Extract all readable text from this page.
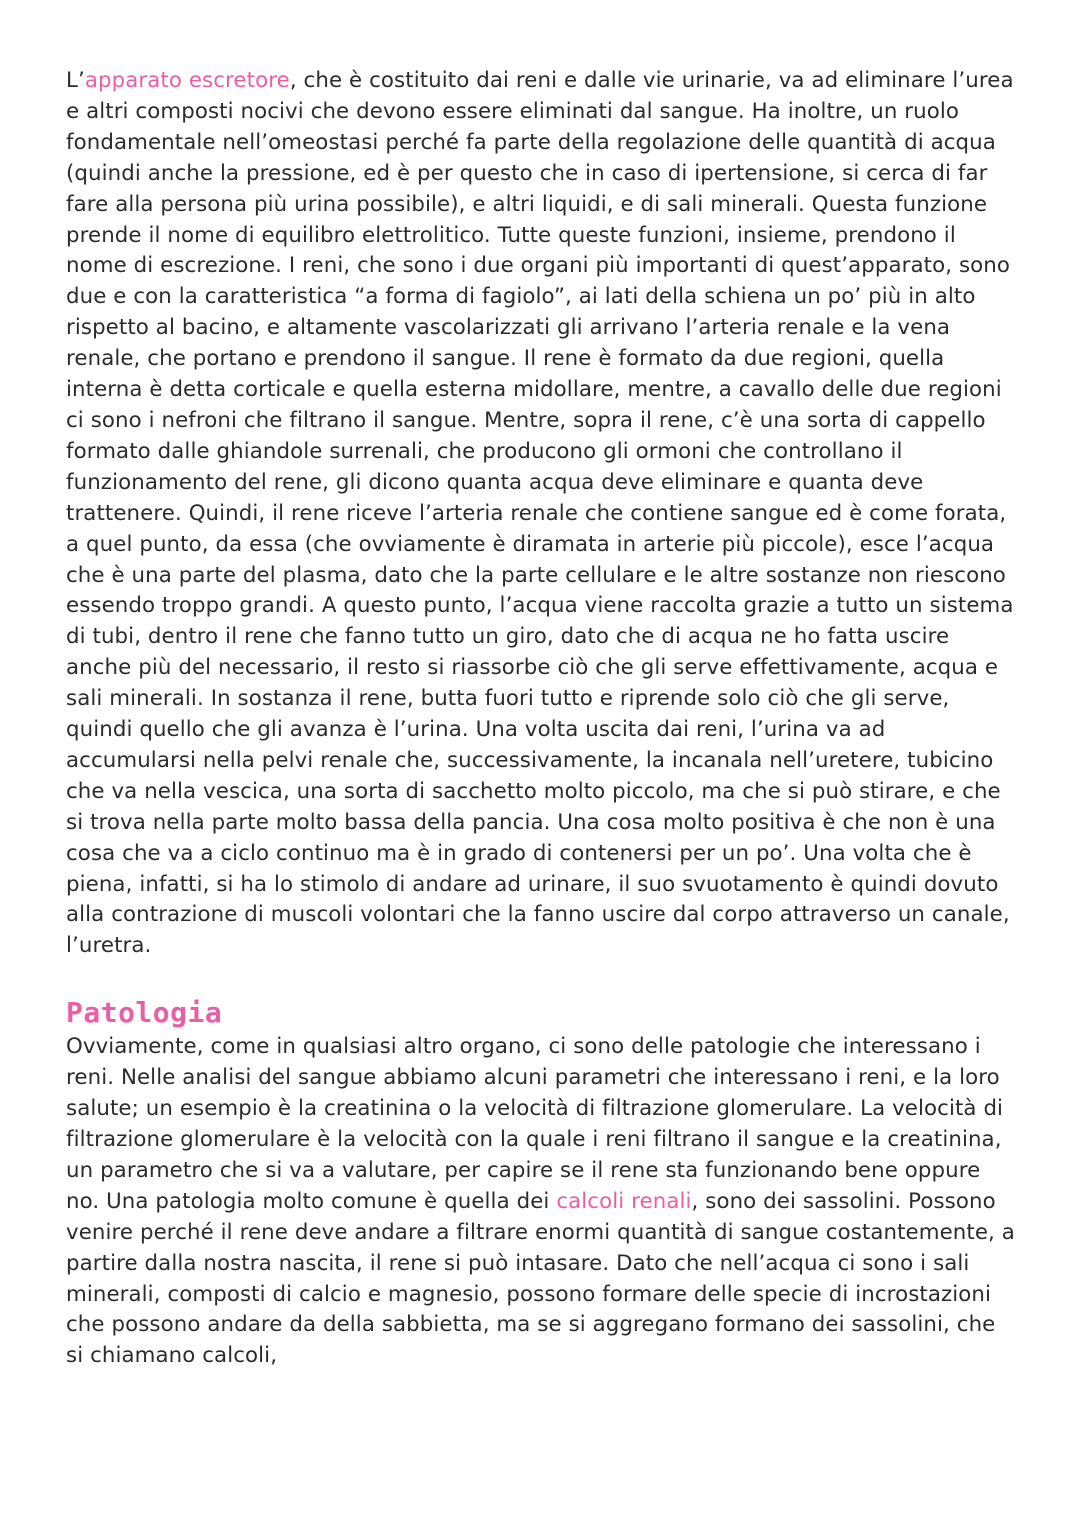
L’apparato escretore, che è costituito dai reni e dalle vie urinarie, va ad eliminare l’urea e altri composti nocivi che devono essere eliminati dal sangue. Ha inoltre, un ruolo fondamentale nell’omeostasi perché fa parte della regolazione delle quantità di acqua (quindi anche la pressione, ed è per questo che in caso di ipertensione, si cerca di far fare alla persona più urina possibile), e altri liquidi, e di sali minerali. Questa funzione prende il nome di equilibro elettrolitico. Tutte queste funzioni, insieme, prendono il nome di escrezione. I reni, che sono i due organi più importanti di quest’apparato, sono due e con la caratteristica “a forma di fagiolo”, ai lati della schiena un po’ più in alto rispetto al bacino, e altamente vascolarizzati gli arrivano l’arteria renale e la vena renale, che portano e prendono il sangue. Il rene è formato da due regioni, quella interna è detta corticale e quella esterna midollare, mentre, a cavallo delle due regioni ci sono i nefroni che filtrano il sangue. Mentre, sopra il rene, c’è una sorta di cappello formato dalle ghiandole surrenali, che producono gli ormoni che controllano il funzionamento del rene, gli dicono quanta acqua deve eliminare e quanta deve trattenere. Quindi, il rene riceve l’arteria renale che contiene sangue ed è come forata, a quel punto, da essa (che ovviamente è diramata in arterie più piccole), esce l’acqua che è una parte del plasma, dato che la parte cellulare e le altre sostanze non riescono essendo troppo grandi. A questo punto, l’acqua viene raccolta grazie a tutto un sistema di tubi, dentro il rene che fanno tutto un giro, dato che di acqua ne ho fatta uscire anche più del necessario, il resto si riassorbe ciò che gli serve effettivamente, acqua e sali minerali. In sostanza il rene, butta fuori tutto e riprende solo ciò che gli serve, quindi quello che gli avanza è l’urina. Una volta uscita dai reni, l’urina va ad accumularsi nella pelvi renale che, successivamente, la incanala nell’uretere, tubicino che va nella vescica, una sorta di sacchetto molto piccolo, ma che si può stirare, e che si trova nella parte molto bassa della pancia. Una cosa molto positiva è che non è una cosa che va a ciclo continuo ma è in grado di contenersi per un po’. Una volta che è piena, infatti, si ha lo stimolo di andare ad urinare, il suo svuotamento è quindi dovuto alla contrazione di muscoli volontari che la fanno uscire dal corpo attraverso un canale, l’uretra.

Patologia

Ovviamente, come in qualsiasi altro organo, ci sono delle patologie che interessano i reni. Nelle analisi del sangue abbiamo alcuni parametri che interessano i reni, e la loro salute; un esempio è la creatinina o la velocità di filtrazione glomerulare. La velocità di filtrazione glomerulare è la velocità con la quale i reni filtrano il sangue e la creatinina, un parametro che si va a valutare, per capire se il rene sta funzionando bene oppure no. Una patologia molto comune è quella dei calcoli renali, sono dei sassolini. Possono venire perché il rene deve andare a filtrare enormi quantità di sangue costantemente, a partire dalla nostra nascita, il rene si può intasare. Dato che nell’acqua ci sono i sali minerali, composti di calcio e magnesio, possono formare delle specie di incrostazioni che possono andare da della sabbietta, ma se si aggregano formano dei sassolini, che si chiamano calcoli,
